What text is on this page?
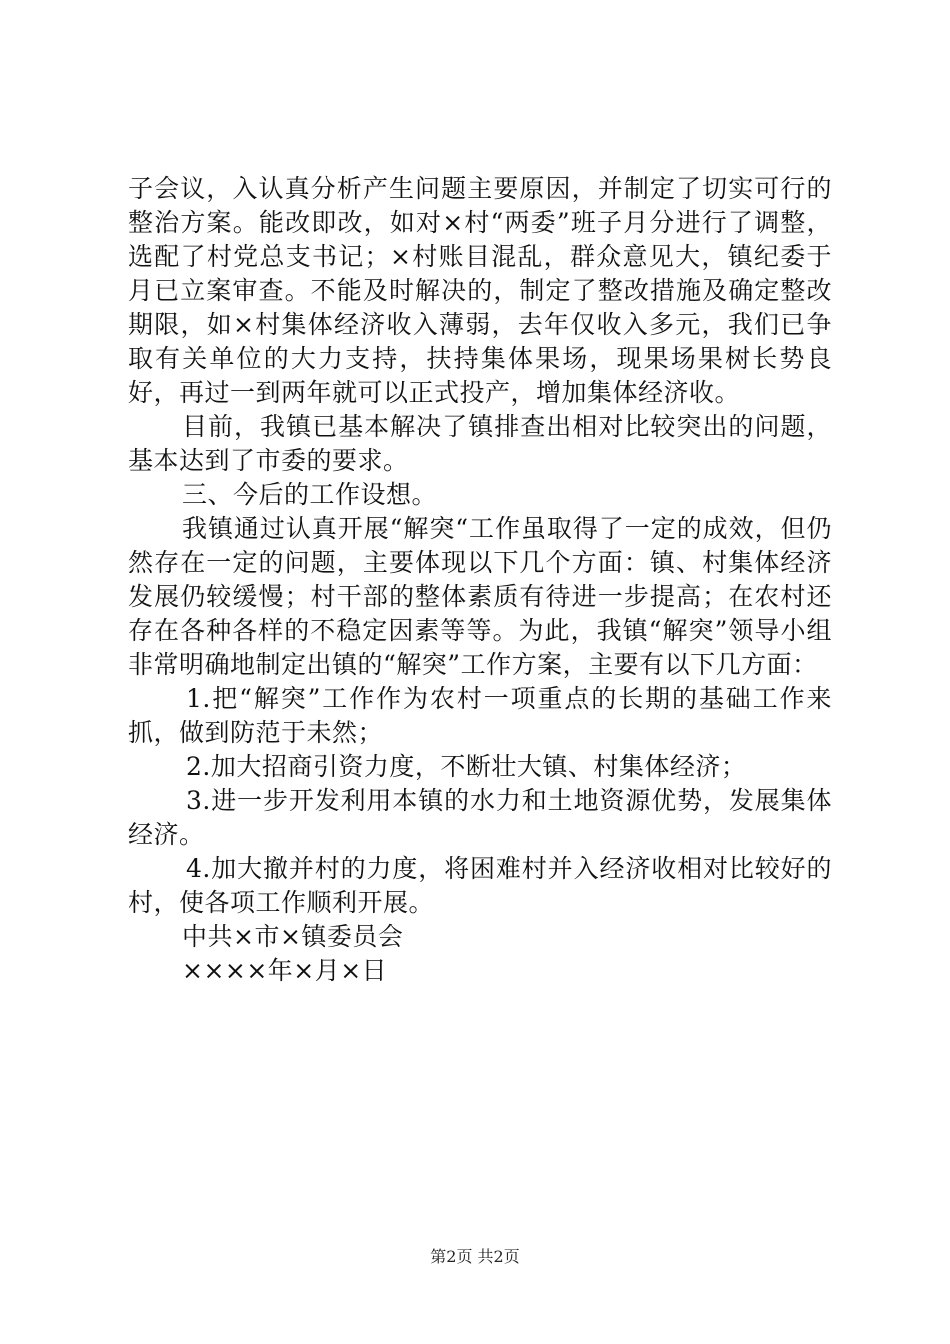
子会议，入认真分析产生问题主要原因，并制定了切实可行的整治方案。能改即改，如对×村“两委”班子月分进行了调整，选配了村党总支书记；×村账目混乱，群众意见大，镇纪委于月已立案审查。不能及时解决的，制定了整改措施及确定整改期限，如×村集体经济收入薄弱，去年仅收入多元，我们已争取有关单位的大力支持，扶持集体果场，现果场果树长势良好，再过一到两年就可以正式投产，增加集体经济收。

目前，我镇已基本解决了镇排查出相对比较突出的问题，基本达到了市委的要求。

三、今后的工作设想。

我镇通过认真开展“解突“工作虽取得了一定的成效，但仍然存在一定的问题，主要体现以下几个方面：镇、村集体经济发展仍较缓慢；村干部的整体素质有待进一步提高；在农村还存在各种各样的不稳定因素等等。为此，我镇“解突”领导小组非常明确地制定出镇的“解突”工作方案，主要有以下几方面：

1.把“解突”工作作为农村一项重点的长期的基础工作来抓，做到防范于未然；

2.加大招商引资力度，不断壮大镇、村集体经济；

3.进一步开发利用本镇的水力和土地资源优势，发展集体经济。

4.加大撤并村的力度，将困难村并入经济收相对比较好的村，使各项工作顺利开展。

中共×市×镇委员会

××××年×月×日

第2页 共2页
